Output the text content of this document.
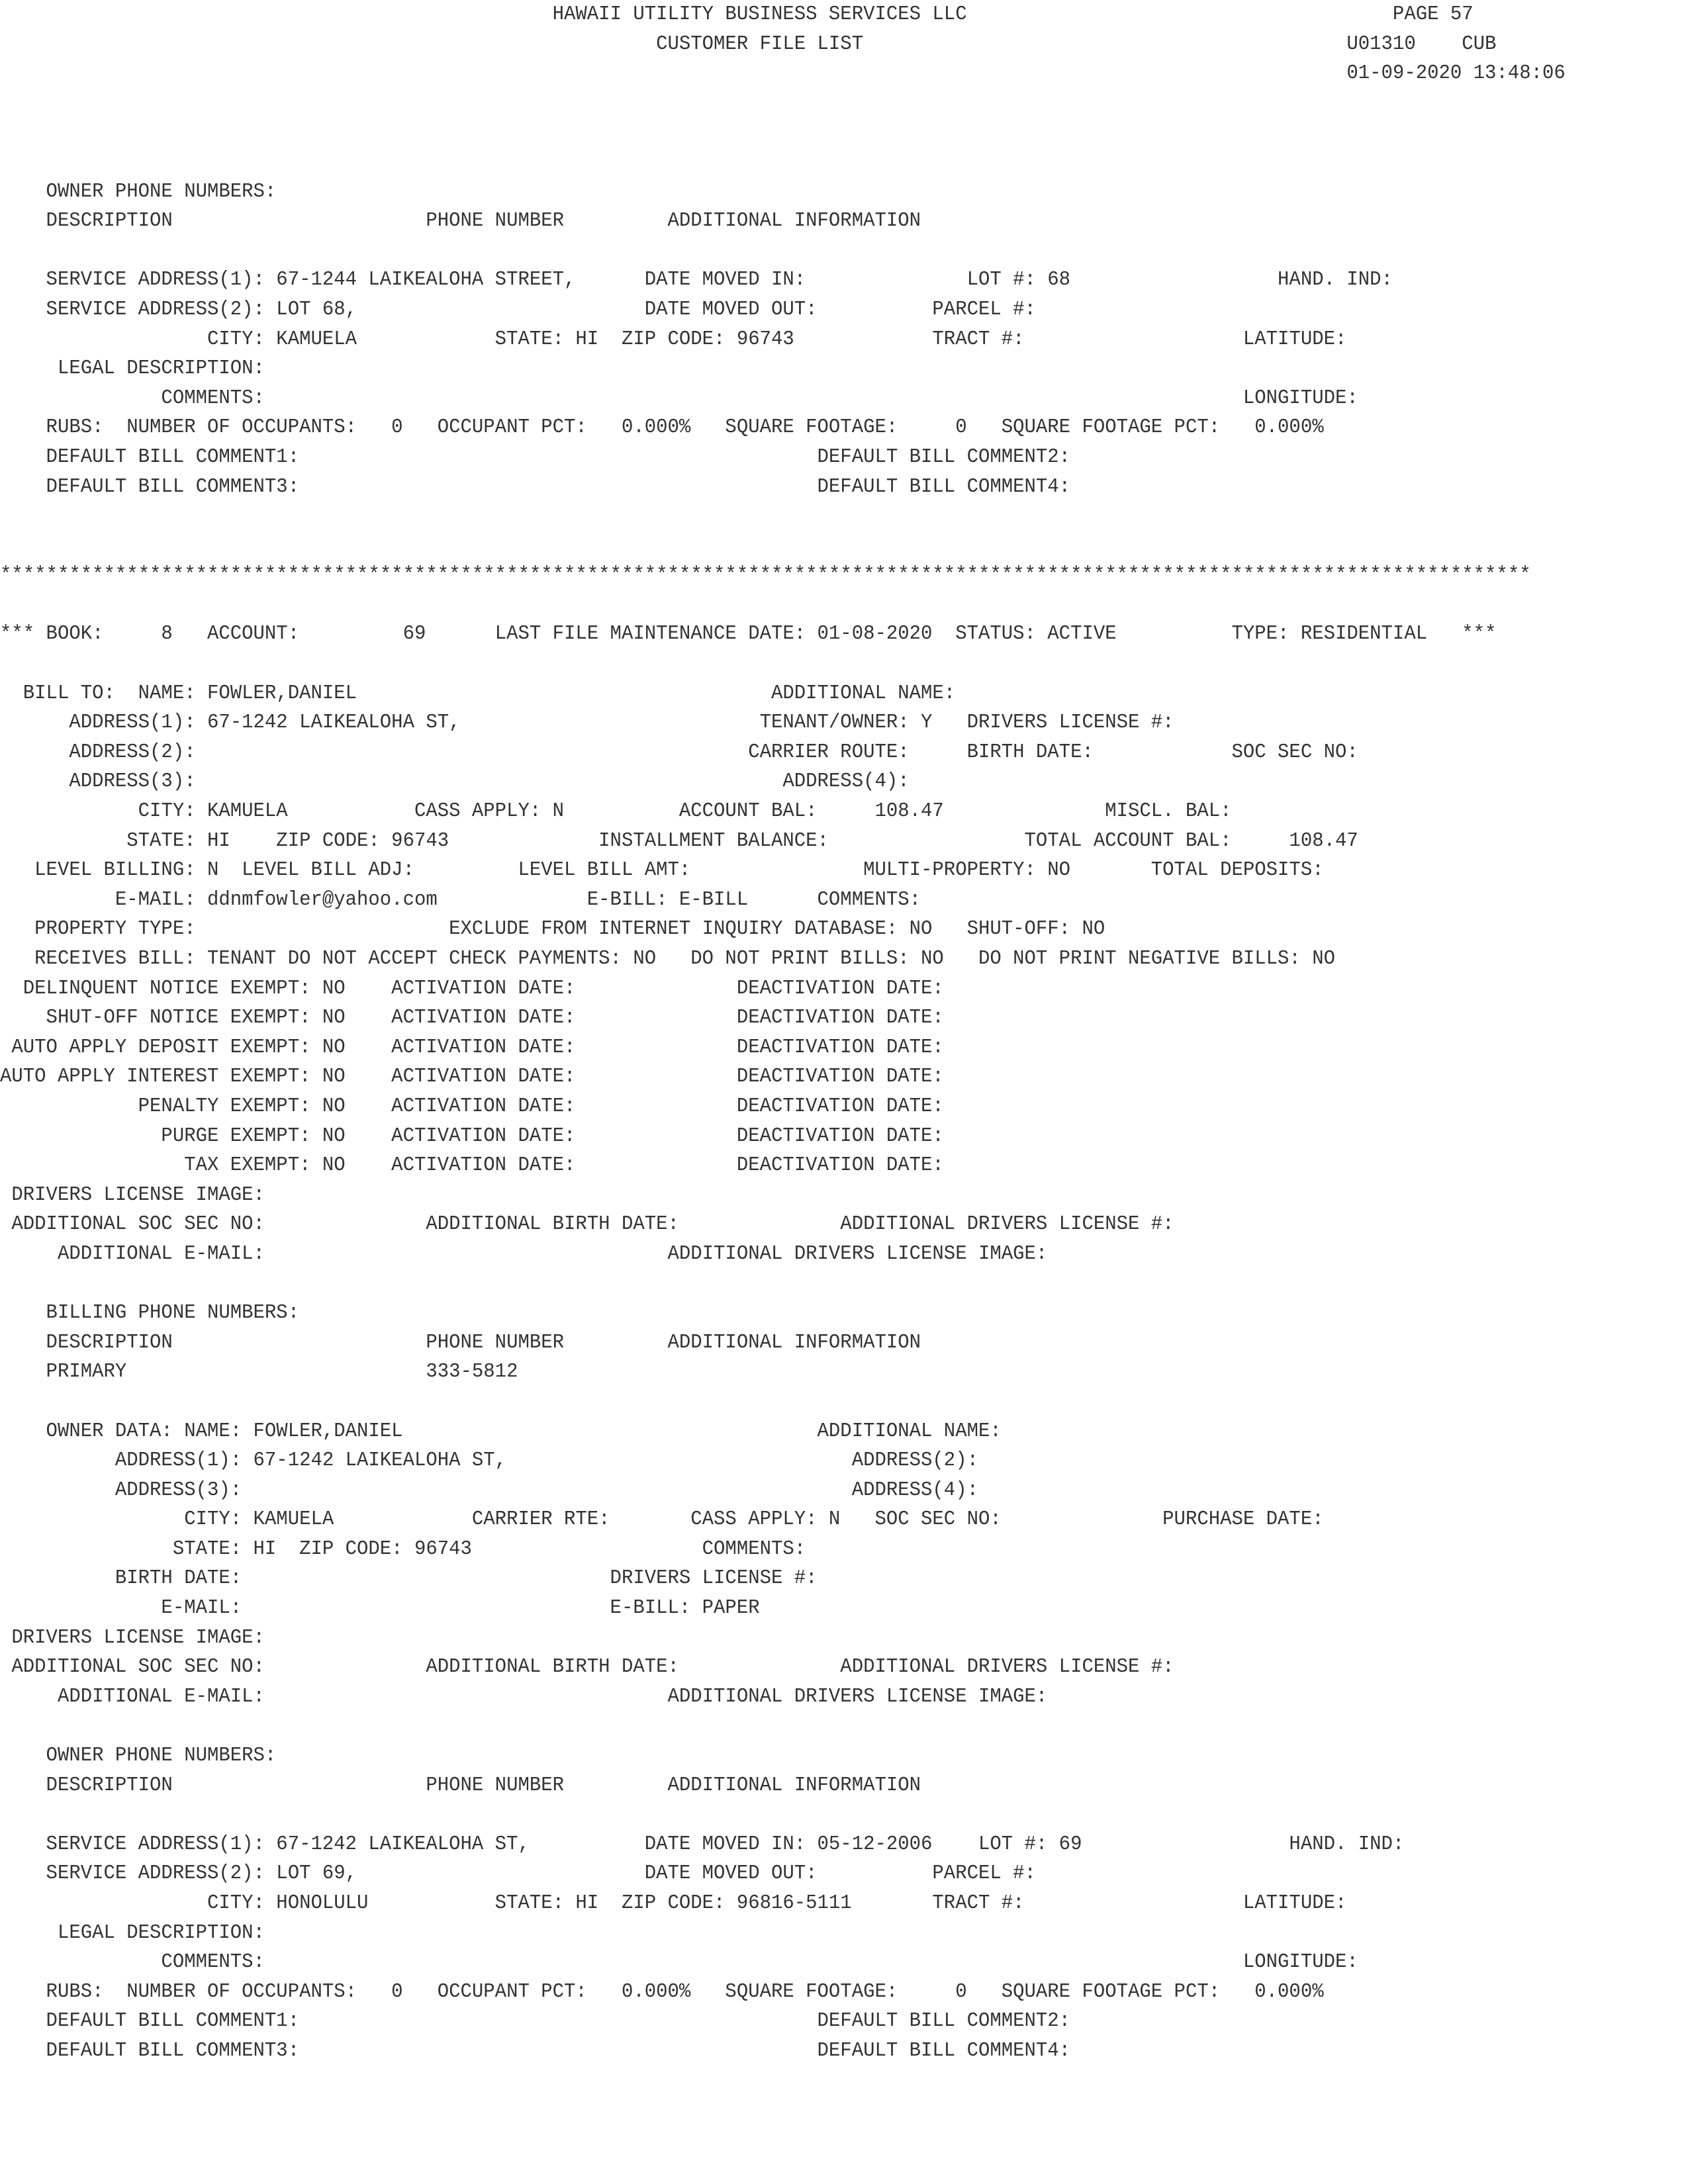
HAWAII UTILITY BUSINESS SERVICES LLC                                     PAGE 57
CUSTOMER FILE LIST                                          U01310    CUB
01-09-2020 13:48:06
OWNER PHONE NUMBERS:
DESCRIPTION                      PHONE NUMBER         ADDITIONAL INFORMATION
SERVICE ADDRESS(1): 67-1244 LAIKEALOHA STREET,      DATE MOVED IN:              LOT #: 68                  HAND. IND:
SERVICE ADDRESS(2): LOT 68,                         DATE MOVED OUT:          PARCEL #:
CITY: KAMUELA            STATE: HI  ZIP CODE: 96743            TRACT #:                   LATITUDE:
LEGAL DESCRIPTION:
COMMENTS:                                                                                     LONGITUDE:
RUBS:  NUMBER OF OCCUPANTS:   0   OCCUPANT PCT:   0.000%   SQUARE FOOTAGE:     0   SQUARE FOOTAGE PCT:   0.000%
DEFAULT BILL COMMENT1:                                             DEFAULT BILL COMMENT2:
DEFAULT BILL COMMENT3:                                             DEFAULT BILL COMMENT4:
*************************************************************************************************************************************
*** BOOK:     8   ACCOUNT:         69      LAST FILE MAINTENANCE DATE: 01-08-2020  STATUS: ACTIVE          TYPE: RESIDENTIAL   ***
BILL TO:  NAME: FOWLER,DANIEL                                    ADDITIONAL NAME:
ADDRESS(1): 67-1242 LAIKEALOHA ST,                          TENANT/OWNER: Y   DRIVERS LICENSE #:
ADDRESS(2):                                                CARRIER ROUTE:     BIRTH DATE:            SOC SEC NO:
ADDRESS(3):                                                   ADDRESS(4):
CITY: KAMUELA           CASS APPLY: N          ACCOUNT BAL:     108.47              MISCL. BAL:
STATE: HI    ZIP CODE: 96743             INSTALLMENT BALANCE:                 TOTAL ACCOUNT BAL:     108.47
LEVEL BILLING: N  LEVEL BILL ADJ:         LEVEL BILL AMT:               MULTI-PROPERTY: NO       TOTAL DEPOSITS:
E-MAIL: ddnmfowler@yahoo.com             E-BILL: E-BILL      COMMENTS:
PROPERTY TYPE:                      EXCLUDE FROM INTERNET INQUIRY DATABASE: NO   SHUT-OFF: NO
RECEIVES BILL: TENANT DO NOT ACCEPT CHECK PAYMENTS: NO   DO NOT PRINT BILLS: NO   DO NOT PRINT NEGATIVE BILLS: NO
DELINQUENT NOTICE EXEMPT: NO    ACTIVATION DATE:              DEACTIVATION DATE:
SHUT-OFF NOTICE EXEMPT: NO    ACTIVATION DATE:              DEACTIVATION DATE:
AUTO APPLY DEPOSIT EXEMPT: NO    ACTIVATION DATE:              DEACTIVATION DATE:
AUTO APPLY INTEREST EXEMPT: NO    ACTIVATION DATE:              DEACTIVATION DATE:
PENALTY EXEMPT: NO    ACTIVATION DATE:              DEACTIVATION DATE:
PURGE EXEMPT: NO    ACTIVATION DATE:              DEACTIVATION DATE:
TAX EXEMPT: NO    ACTIVATION DATE:              DEACTIVATION DATE:
DRIVERS LICENSE IMAGE:
ADDITIONAL SOC SEC NO:              ADDITIONAL BIRTH DATE:              ADDITIONAL DRIVERS LICENSE #:
ADDITIONAL E-MAIL:                                   ADDITIONAL DRIVERS LICENSE IMAGE:
BILLING PHONE NUMBERS:
DESCRIPTION                      PHONE NUMBER         ADDITIONAL INFORMATION
PRIMARY                          333-5812
OWNER DATA: NAME: FOWLER,DANIEL                                    ADDITIONAL NAME:
ADDRESS(1): 67-1242 LAIKEALOHA ST,                              ADDRESS(2):
ADDRESS(3):                                                     ADDRESS(4):
CITY: KAMUELA            CARRIER RTE:       CASS APPLY: N   SOC SEC NO:              PURCHASE DATE:
STATE: HI  ZIP CODE: 96743                    COMMENTS:
BIRTH DATE:                                DRIVERS LICENSE #:
E-MAIL:                                E-BILL: PAPER
DRIVERS LICENSE IMAGE:
ADDITIONAL SOC SEC NO:              ADDITIONAL BIRTH DATE:              ADDITIONAL DRIVERS LICENSE #:
ADDITIONAL E-MAIL:                                   ADDITIONAL DRIVERS LICENSE IMAGE:
OWNER PHONE NUMBERS:
DESCRIPTION                      PHONE NUMBER         ADDITIONAL INFORMATION
SERVICE ADDRESS(1): 67-1242 LAIKEALOHA ST,          DATE MOVED IN: 05-12-2006    LOT #: 69                  HAND. IND:
SERVICE ADDRESS(2): LOT 69,                         DATE MOVED OUT:          PARCEL #:
CITY: HONOLULU           STATE: HI  ZIP CODE: 96816-5111       TRACT #:                   LATITUDE:
LEGAL DESCRIPTION:
COMMENTS:                                                                                     LONGITUDE:
RUBS:  NUMBER OF OCCUPANTS:   0   OCCUPANT PCT:   0.000%   SQUARE FOOTAGE:     0   SQUARE FOOTAGE PCT:   0.000%
DEFAULT BILL COMMENT1:                                             DEFAULT BILL COMMENT2:
DEFAULT BILL COMMENT3:                                             DEFAULT BILL COMMENT4:
